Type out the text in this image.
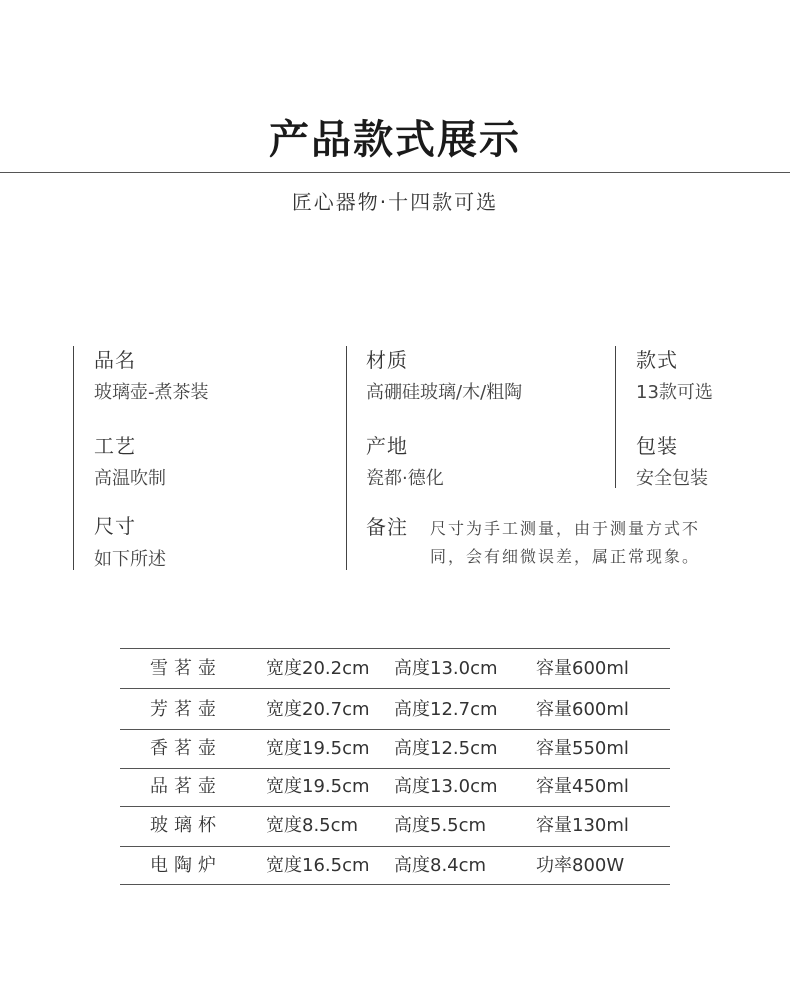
产品款式展示
匠心器物·十四款可选
品名
玻璃壶-煮茶装
工艺
高温吹制
尺寸
如下所述
材质
高硼硅玻璃/木/粗陶
产地
瓷都·德化
备注 尺寸为手工测量，由于测量方式不
同，会有细微误差，属正常现象。
款式
13款可选
包装
安全包装
雪茗壶 宽度20.2cm 高度13.0cm 容量600ml
芳茗壶 宽度20.7cm 高度12.7cm 容量600ml
香茗壶 宽度19.5cm 高度12.5cm 容量550ml
品茗壶 宽度19.5cm 高度13.0cm 容量450ml
玻璃杯 宽度8.5cm 高度5.5cm	容量130ml
电陶炉 宽度16.5cm 高度8.4cm	功率800W
